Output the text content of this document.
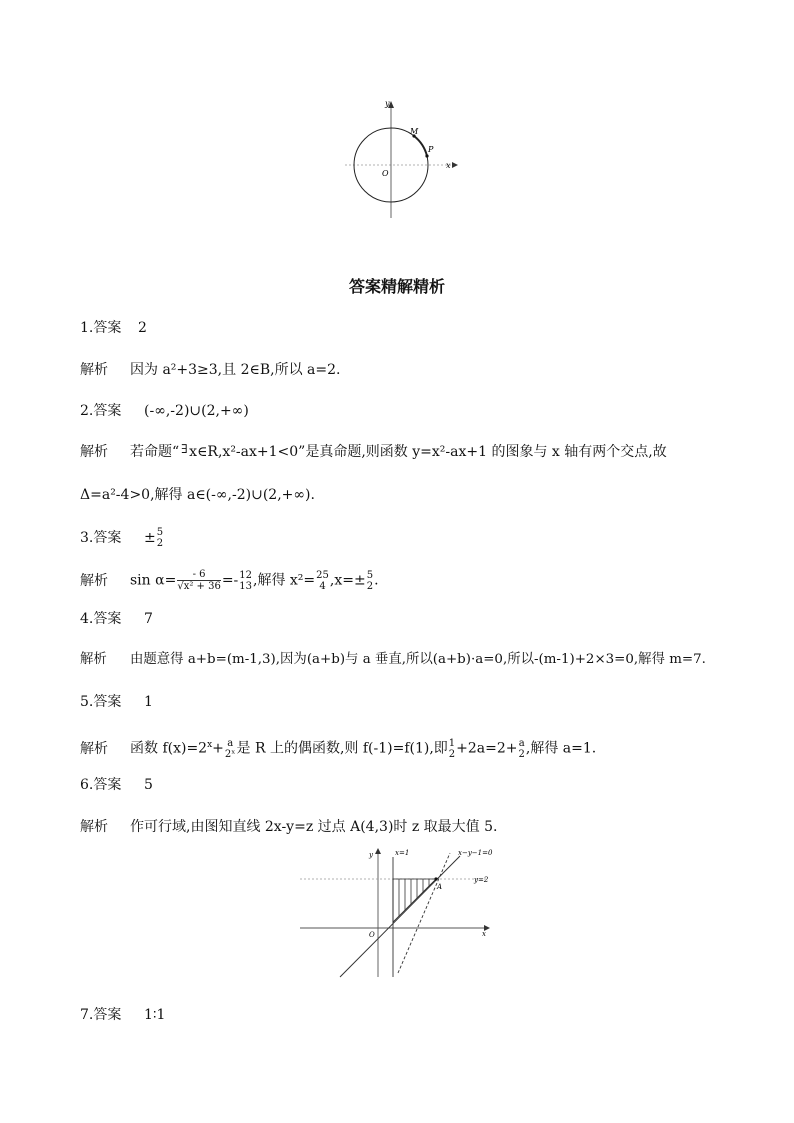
y
x
O
M
P
答案精解精析
1.答案 2
解析 因为 a²+3≥3,且 2∈B,所以 a=2.
2.答案 (-∞,-2)∪(2,+∞)
解析 若命题“ ∃ x∈R,x²-ax+1<0”是真命题,则函数 y=x²-ax+1 的图象与 x 轴有两个交点,故
Δ=a²-4>0,解得 a∈(-∞,-2)∪(2,+∞).
3.答案 ± 5
2
解析 $\sin \alpha= \frac{- 6}{\text{√x² + 36}} =- 12$
13 ,解得 x²= 25
4 ,x=± 5
2 .
4.答案 7
解析 由题意得 a+b=(m-1,3),因为(a+b)与 a 垂直,所以(a+b)·a=0,所以-(m-1)+2×3=0,解得 m=7.
5.答案 1
解析 函数 $f(x)=2^x+ a$
2ˣ 是 R 上的偶函数,则 f(-1)=f(1),即 1
2 +2a=2+ a
2 ,解得 a=1.
6.答案 5
解析 作可行域,由图知直线 2x-y=z 过点 A(4,3)时 z 取最大值 5.
y	x=1	x−y−1=0
y=2
A
O	x
7.答案 1∶1
